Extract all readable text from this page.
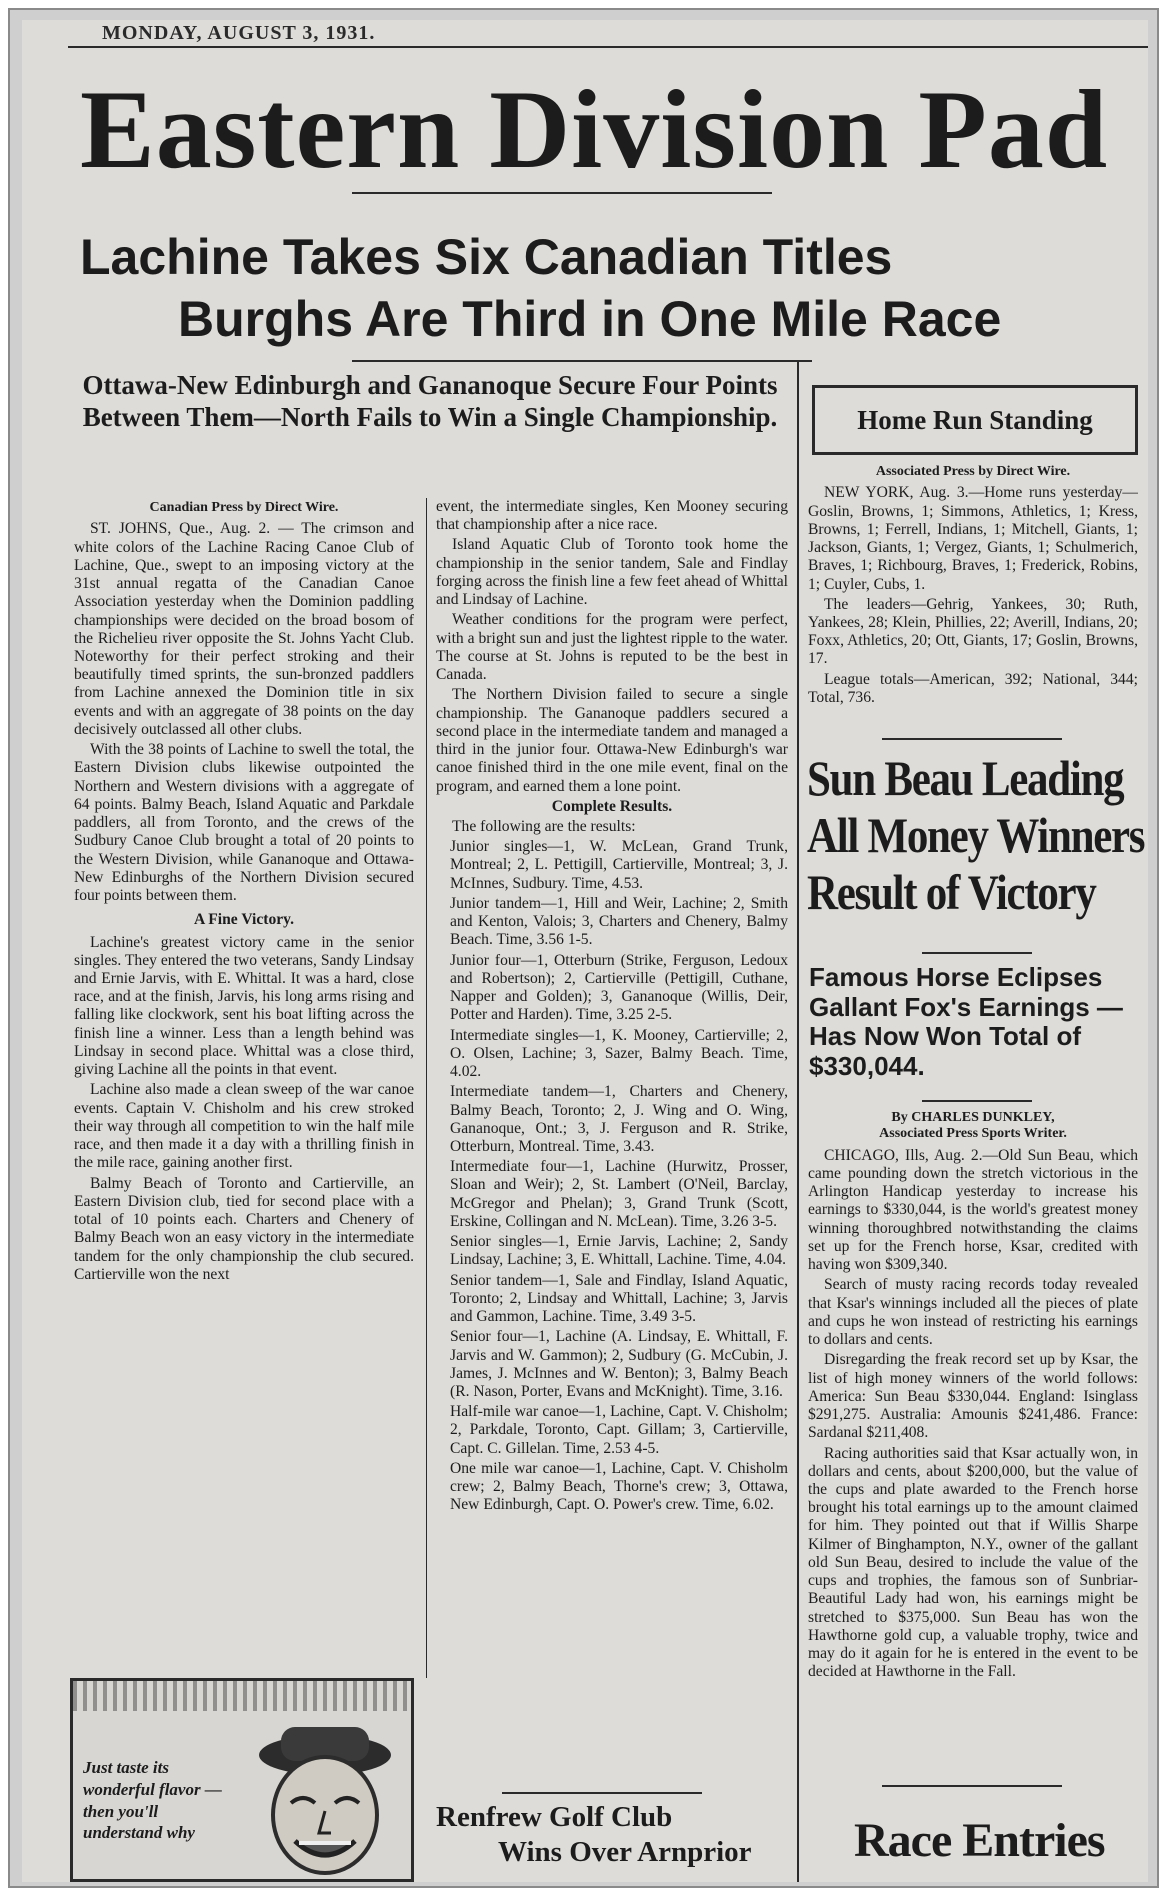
MONDAY, AUGUST 3, 1931.
Eastern Division Pad
Lachine Takes Six Canadian Titles
Burghs Are Third in One Mile Race
Ottawa-New Edinburgh and Gananoque Secure Four Points Between Them—North Fails to Win a Single Championship.

Canadian Press by Direct Wire.

ST. JOHNS, Que., Aug. 2. — The crimson and white colors of the Lachine Racing Canoe Club of Lachine, Que., swept to an imposing victory at the 31st annual regatta of the Canadian Canoe Association yesterday when the Dominion paddling championships were decided on the broad bosom of the Richelieu river opposite the St. Johns Yacht Club. Noteworthy for their perfect stroking and their beautifully timed sprints, the sun-bronzed paddlers from Lachine annexed the Dominion title in six events and with an aggregate of 38 points on the day decisively outclassed all other clubs.

With the 38 points of Lachine to swell the total, the Eastern Division clubs likewise outpointed the Northern and Western divisions with a aggregate of 64 points. Balmy Beach, Island Aquatic and Parkdale paddlers, all from Toronto, and the crews of the Sudbury Canoe Club brought a total of 20 points to the Western Division, while Gananoque and Ottawa-New Edinburghs of the Northern Division secured four points between them.

A Fine Victory.

Lachine's greatest victory came in the senior singles. They entered the two veterans, Sandy Lindsay and Ernie Jarvis, with E. Whittal. It was a hard, close race, and at the finish, Jarvis, his long arms rising and falling like clockwork, sent his boat lifting across the finish line a winner. Less than a length behind was Lindsay in second place. Whittal was a close third, giving Lachine all the points in that event.

Lachine also made a clean sweep of the war canoe events. Captain V. Chisholm and his crew stroked their way through all competition to win the half mile race, and then made it a day with a thrilling finish in the mile race, gaining another first.

Balmy Beach of Toronto and Cartierville, an Eastern Division club, tied for second place with a total of 10 points each. Charters and Chenery of Balmy Beach won an easy victory in the intermediate tandem for the only championship the club secured. Cartierville won the next

event, the intermediate singles, Ken Mooney securing that championship after a nice race.

Island Aquatic Club of Toronto took home the championship in the senior tandem, Sale and Findlay forging across the finish line a few feet ahead of Whittal and Lindsay of Lachine.

Weather conditions for the program were perfect, with a bright sun and just the lightest ripple to the water. The course at St. Johns is reputed to be the best in Canada.

The Northern Division failed to secure a single championship. The Gananoque paddlers secured a second place in the intermediate tandem and managed a third in the junior four. Ottawa-New Edinburgh's war canoe finished third in the one mile event, final on the program, and earned them a lone point.

Complete Results.

The following are the results:

Junior singles—1, W. McLean, Grand Trunk, Montreal; 2, L. Pettigill, Cartierville, Montreal; 3, J. McInnes, Sudbury. Time, 4.53.

Junior tandem—1, Hill and Weir, Lachine; 2, Smith and Kenton, Valois; 3, Charters and Chenery, Balmy Beach. Time, 3.56 1-5.

Junior four—1, Otterburn (Strike, Ferguson, Ledoux and Robertson); 2, Cartierville (Pettigill, Cuthane, Napper and Golden); 3, Gananoque (Willis, Deir, Potter and Harden). Time, 3.25 2-5.

Intermediate singles—1, K. Mooney, Cartierville; 2, O. Olsen, Lachine; 3, Sazer, Balmy Beach. Time, 4.02.

Intermediate tandem—1, Charters and Chenery, Balmy Beach, Toronto; 2, J. Wing and O. Wing, Gananoque, Ont.; 3, J. Ferguson and R. Strike, Otterburn, Montreal. Time, 3.43.

Intermediate four—1, Lachine (Hurwitz, Prosser, Sloan and Weir); 2, St. Lambert (O'Neil, Barclay, McGregor and Phelan); 3, Grand Trunk (Scott, Erskine, Collingan and N. McLean). Time, 3.26 3-5.

Senior singles—1, Ernie Jarvis, Lachine; 2, Sandy Lindsay, Lachine; 3, E. Whittall, Lachine. Time, 4.04.

Senior tandem—1, Sale and Findlay, Island Aquatic, Toronto; 2, Lindsay and Whittall, Lachine; 3, Jarvis and Gammon, Lachine. Time, 3.49 3-5.

Senior four—1, Lachine (A. Lindsay, E. Whittall, F. Jarvis and W. Gammon); 2, Sudbury (G. McCubin, J. James, J. McInnes and W. Benton); 3, Balmy Beach (R. Nason, Porter, Evans and McKnight). Time, 3.16.

Half-mile war canoe—1, Lachine, Capt. V. Chisholm; 2, Parkdale, Toronto, Capt. Gillam; 3, Cartierville, Capt. C. Gillelan. Time, 2.53 4-5.

One mile war canoe—1, Lachine, Capt. V. Chisholm crew; 2, Balmy Beach, Thorne's crew; 3, Ottawa, New Edinburgh, Capt. O. Power's crew. Time, 6.02.

Renfrew Golf Club
Wins Over Arnprior
Home Run Standing

Associated Press by Direct Wire.

NEW YORK, Aug. 3.—Home runs yesterday—Goslin, Browns, 1; Simmons, Athletics, 1; Kress, Browns, 1; Ferrell, Indians, 1; Mitchell, Giants, 1; Jackson, Giants, 1; Vergez, Giants, 1; Schulmerich, Braves, 1; Richbourg, Braves, 1; Frederick, Robins, 1; Cuyler, Cubs, 1.

The leaders—Gehrig, Yankees, 30; Ruth, Yankees, 28; Klein, Phillies, 22; Averill, Indians, 20; Foxx, Athletics, 20; Ott, Giants, 17; Goslin, Browns, 17.

League totals—American, 392; National, 344; Total, 736.

Sun Beau Leading
All Money Winners
Result of Victory
Famous Horse Eclipses Gallant Fox's Earnings —Has Now Won Total of $330,044.

By CHARLES DUNKLEY,

Associated Press Sports Writer.

CHICAGO, Ills, Aug. 2.—Old Sun Beau, which came pounding down the stretch victorious in the Arlington Handicap yesterday to increase his earnings to $330,044, is the world's greatest money winning thoroughbred notwithstanding the claims set up for the French horse, Ksar, credited with having won $309,340.

Search of musty racing records today revealed that Ksar's winnings included all the pieces of plate and cups he won instead of restricting his earnings to dollars and cents.

Disregarding the freak record set up by Ksar, the list of high money winners of the world follows: America: Sun Beau $330,044. England: Isinglass $291,275. Australia: Amounis $241,486. France: Sardanal $211,408.

Racing authorities said that Ksar actually won, in dollars and cents, about $200,000, but the value of the cups and plate awarded to the French horse brought his total earnings up to the amount claimed for him. They pointed out that if Willis Sharpe Kilmer of Binghampton, N.Y., owner of the gallant old Sun Beau, desired to include the value of the cups and trophies, the famous son of Sunbriar-Beautiful Lady had won, his earnings might be stretched to $375,000. Sun Beau has won the Hawthorne gold cup, a valuable trophy, twice and may do it again for he is entered in the event to be decided at Hawthorne in the Fall.

Race Entries
Just taste its wonderful flavor — then you'll understand why
